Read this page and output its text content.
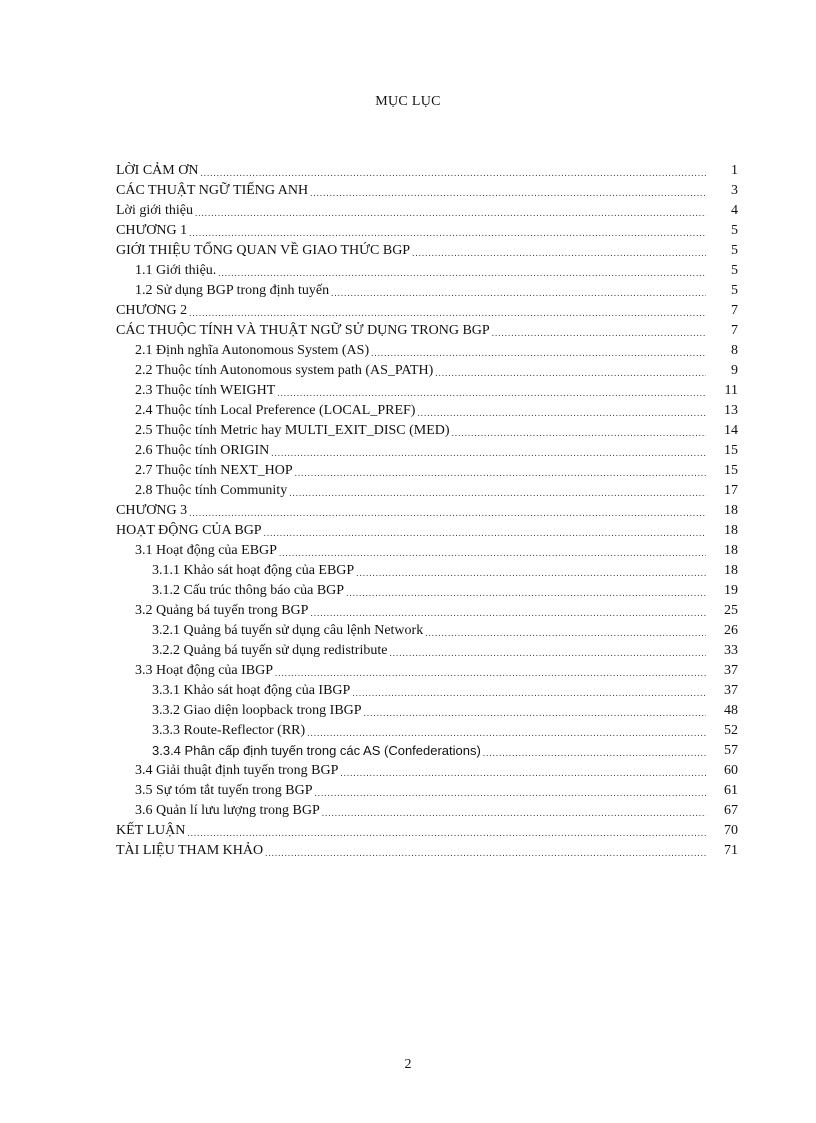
MỤC LỤC
LỜI CẢM ƠN .....	1
CÁC THUẬT NGỮ TIẾNG ANH .....	3
Lời giới thiệu .....	4
CHƯƠNG 1 .....	5
GIỚI THIỆU TỔNG QUAN VỀ GIAO THỨC BGP .....	5
1.1 Giới thiệu. .....	5
1.2 Sử dụng BGP trong định tuyến .....	5
CHƯƠNG 2 .....	7
CÁC THUỘC TÍNH VÀ THUẬT NGỮ SỬ DỤNG TRONG BGP .....	7
2.1 Định nghĩa Autonomous System (AS) .....	8
2.2 Thuộc tính Autonomous system path (AS_PATH) .....	9
2.3 Thuộc tính WEIGHT .....	11
2.4 Thuộc tính Local Preference (LOCAL_PREF) .....	13
2.5 Thuộc tính Metric hay MULTI_EXIT_DISC (MED) .....	14
2.6 Thuộc tính ORIGIN .....	15
2.7 Thuộc tính NEXT_HOP .....	15
2.8 Thuộc tính Community .....	17
CHƯƠNG 3 .....	18
HOẠT ĐỘNG CỦA BGP .....	18
3.1 Hoạt động của EBGP .....	18
3.1.1 Khảo sát hoạt động của EBGP .....	18
3.1.2 Cấu trúc thông báo của BGP .....	19
3.2 Quảng bá tuyến trong BGP .....	25
3.2.1 Quảng bá tuyến sử dụng câu lệnh Network .....	26
3.2.2 Quảng bá tuyến sử dụng redistribute .....	33
3.3 Hoạt động của IBGP .....	37
3.3.1 Khảo sát hoạt động của IBGP .....	37
3.3.2 Giao diện loopback trong IBGP .....	48
3.3.3 Route-Reflector (RR) .....	52
3.3.4 Phân cấp định tuyến trong các AS (Confederations) .....	57
3.4 Giải thuật định tuyến trong BGP .....	60
3.5 Sự tóm tắt tuyến trong BGP .....	61
3.6 Quản lí lưu lượng trong BGP .....	67
KẾT LUẬN .....	70
TÀI LIỆU THAM KHẢO .....	71
2
